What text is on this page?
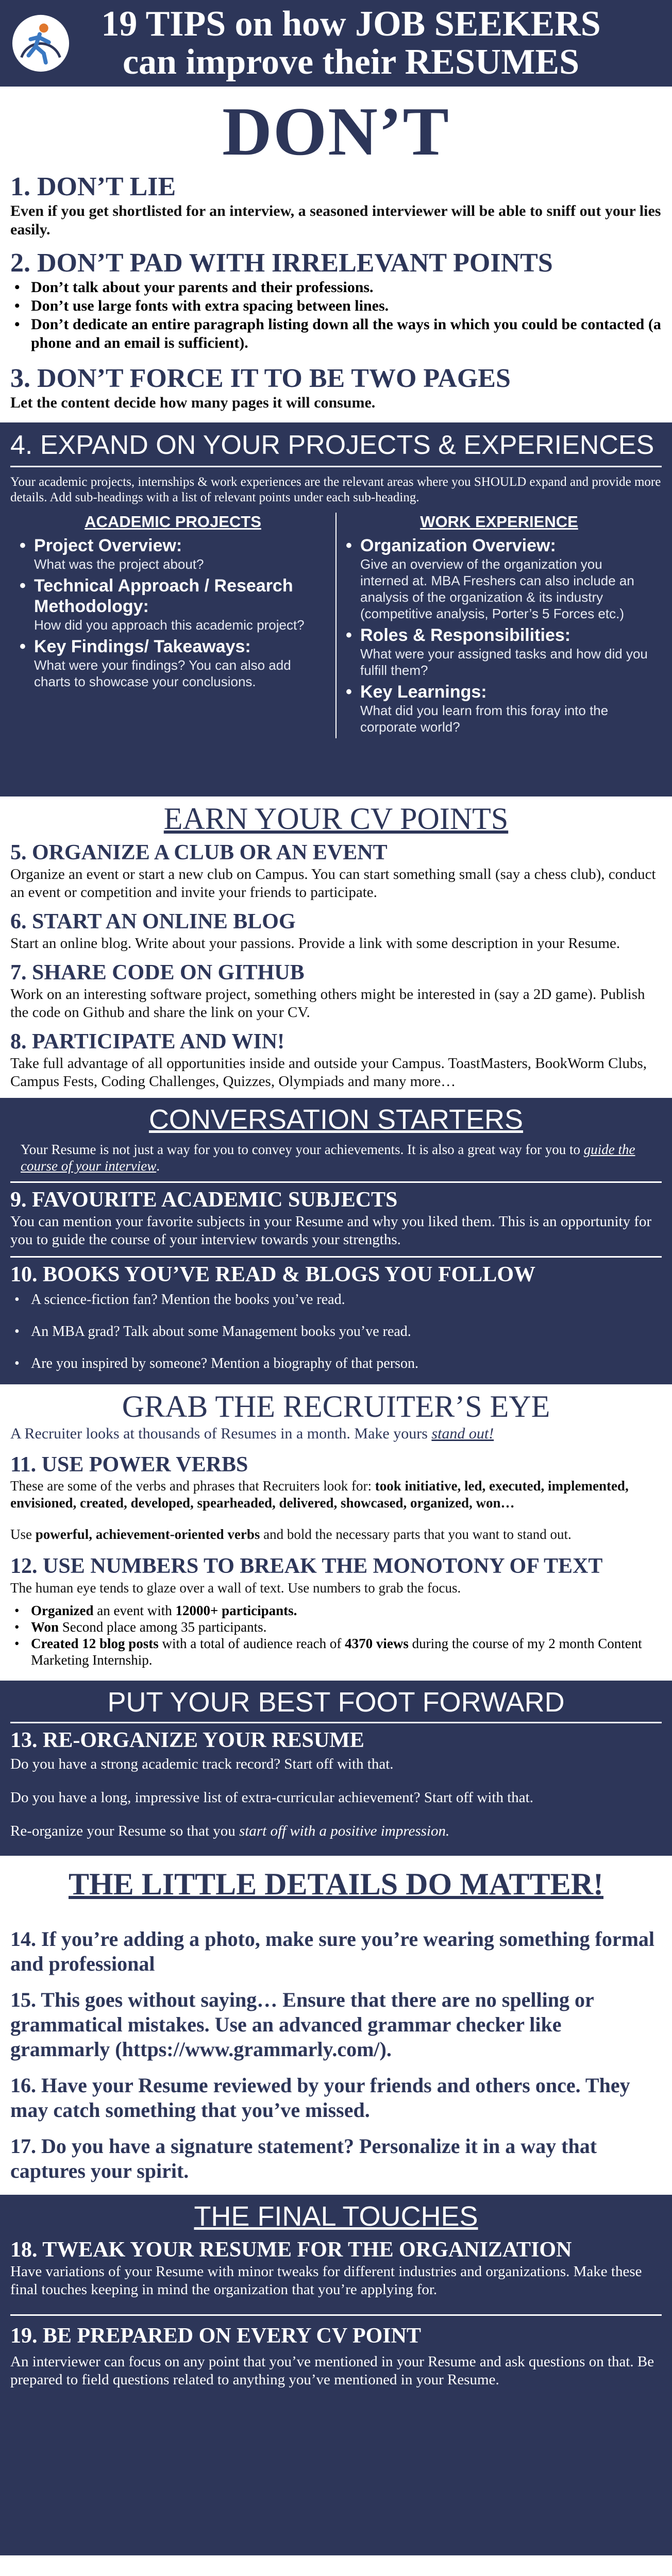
19 TIPS on how JOB SEEKERS
can improve their RESUMES
DON’T
1. DON’T LIE
Even if you get shortlisted for an interview, a seasoned interviewer will be able to sniff out your lies easily.
2. DON’T PAD WITH IRRELEVANT POINTS
• Don’t talk about your parents and their professions.
• Don’t use large fonts with extra spacing between lines.
• Don’t dedicate an entire paragraph listing down all the ways in which you could be contacted (a phone and an email is sufficient).
3. DON’T FORCE IT TO BE TWO PAGES
Let the content decide how many pages it will consume.
4. EXPAND ON YOUR PROJECTS & EXPERIENCES
Your academic projects, internships & work experiences are the relevant areas where you SHOULD expand and provide more details. Add sub-headings with a list of relevant points under each sub-heading.
ACADEMIC PROJECTS
• Project Overview:
What was the project about?
• Technical Approach / Research Methodology:
How did you approach this academic project?
• Key Findings/ Takeaways:
What were your findings? You can also add charts to showcase your conclusions.
WORK EXPERIENCE
• Organization Overview:
Give an overview of the organization you interned at. MBA Freshers can also include an analysis of the organization & its industry (competitive analysis, Porter’s 5 Forces etc.)
• Roles & Responsibilities:
What were your assigned tasks and how did you fulfill them?
• Key Learnings:
What did you learn from this foray into the corporate world?
EARN YOUR CV POINTS
5. ORGANIZE A CLUB OR AN EVENT
Organize an event or start a new club on Campus. You can start something small (say a chess club), conduct an event or competition and invite your friends to participate.
6. START AN ONLINE BLOG
Start an online blog. Write about your passions. Provide a link with some description in your Resume.
7. SHARE CODE ON GITHUB
Work on an interesting software project, something others might be interested in (say a 2D game). Publish the code on Github and share the link on your CV.
8. PARTICIPATE AND WIN!
Take full advantage of all opportunities inside and outside your Campus. ToastMasters, BookWorm Clubs, Campus Fests, Coding Challenges, Quizzes, Olympiads and many more…
CONVERSATION STARTERS
Your Resume is not just a way for you to convey your achievements. It is also a great way for you to guide the course of your interview.
9. FAVOURITE ACADEMIC SUBJECTS
You can mention your favorite subjects in your Resume and why you liked them. This is an opportunity for you to guide the course of your interview towards your strengths.
10. BOOKS YOU’VE READ & BLOGS YOU FOLLOW
• A science-fiction fan? Mention the books you’ve read.
• An MBA grad? Talk about some Management books you’ve read.
• Are you inspired by someone? Mention a biography of that person.
GRAB THE RECRUITER’S EYE
A Recruiter looks at thousands of Resumes in a month. Make yours stand out!
11. USE POWER VERBS
These are some of the verbs and phrases that Recruiters look for: took initiative, led, executed, implemented, envisioned, created, developed, spearheaded, delivered, showcased, organized, won…
Use powerful, achievement-oriented verbs and bold the necessary parts that you want to stand out.
12. USE NUMBERS TO BREAK THE MONOTONY OF TEXT
The human eye tends to glaze over a wall of text. Use numbers to grab the focus.
• Organized an event with 12000+ participants.
• Won Second place among 35 participants.
• Created 12 blog posts with a total of audience reach of 4370 views during the course of my 2 month Content Marketing Internship.
PUT YOUR BEST FOOT FORWARD
13. RE-ORGANIZE YOUR RESUME
Do you have a strong academic track record? Start off with that.
Do you have a long, impressive list of extra-curricular achievement? Start off with that.
Re-organize your Resume so that you start off with a positive impression.
THE LITTLE DETAILS DO MATTER!
14. If you’re adding a photo, make sure you’re wearing something formal and professional
15. This goes without saying… Ensure that there are no spelling or grammatical mistakes. Use an advanced grammar checker like grammarly (https://www.grammarly.com/).
16. Have your Resume reviewed by your friends and others once. They may catch something that you’ve missed.
17. Do you have a signature statement? Personalize it in a way that captures your spirit.
THE FINAL TOUCHES
18. TWEAK YOUR RESUME FOR THE ORGANIZATION
Have variations of your Resume with minor tweaks for different industries and organizations. Make these final touches keeping in mind the organization that you’re applying for.
19. BE PREPARED ON EVERY CV POINT
An interviewer can focus on any point that you’ve mentioned in your Resume and ask questions on that. Be prepared to field questions related to anything you’ve mentioned in your Resume.
